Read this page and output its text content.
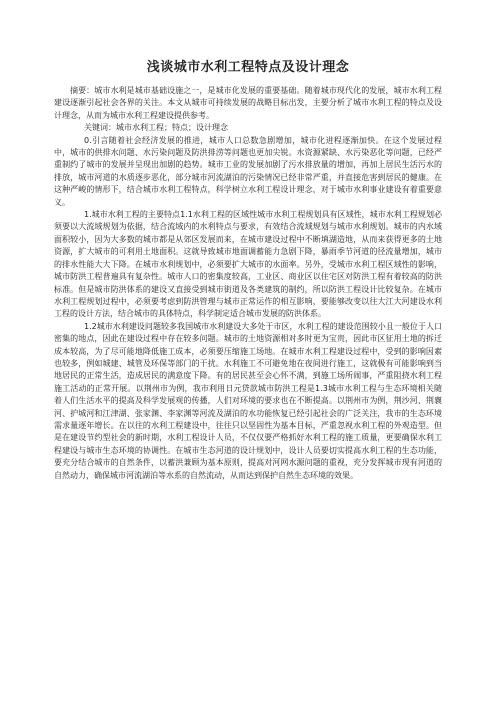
浅谈城市水利工程特点及设计理念

摘要：城市水利是城市基础设施之一，是城市化发展的重要基础。随着城市现代化的发展，城市水利工程建设逐渐引起社会各界的关注。本文从城市可持续发展的战略目标出发，主要分析了城市水利工程的特点及设计理念，从而为城市水利工程建设提供参考。

关键词：城市水利工程；特点；设计理念

0.引言随着社会经济发展的推进，城市人口总数急剧增加，城市化进程逐渐加快。在这个发展过程中，城市的供排水问题、水污染问题及防洪排涝等问题也更加尖锐。水资源紧缺、水污染恶化等问题，已经严重制约了城市的发展并呈现出加剧的趋势。城市工业的发展加剧了污水排放量的增加，再加上居民生活污水的排放，城市河道的水质逐步恶化，部分城市河流湖泊的污染情况已经非常严重，并直接危害到居民的健康。在这种严峻的情形下，结合城市水利工程特点，科学树立水利工程设计理念，对于城市水利事业建设有着重要意义。

1.城市水利工程的主要特点1.1水利工程的区域性城市水利工程规划具有区域性，城市水利工程规划必须要以大流域规划为依据，结合流域内的水利特点与要求，有效结合流域规划与城市水利规划。城市的内水域面积较小，因为大多数的城市都是从郊区发展而来，在城市建设过程中不断填湖造地，从而来获得更多的土地资源，扩大城市的可利用土地面积。这就导致城市地面调蓄能力急剧下降，暴雨季节河道的径流量增加，城市的排水性能大大下降。在城市水利规划中，必须要扩大城市的水面率。另外，受城市水利工程区域性的影响，城市防洪工程普遍具有复杂性。城市人口的密集度较高，工业区、商业区以住宅区对防洪工程有着较高的防洪标准。但是城市防洪体系的建设又直接受到城市街道及各类建筑的制约，所以防洪工程设计比较复杂。在城市水利工程规划过程中，必须要考虑到防洪管理与城市正常运作的相互影响，要能够改变以往大江大河建设水利工程的设计方法，结合城市的具体特点，科学制定适合城市发展的防洪体系。

1.2城市水利建设问题较多我国城市水利建设大多处于市区，水利工程的建设范围较小且一般位于人口密集的地点，因此在建设过程中存在较多问题。城市的土地资源相对多时更为宝贵，因此市区征用土地的拆迁成本较高，为了尽可能地降低施工成本，必须要压缩施工场地。在城市水利工程建设过程中，受到的影响因素也较多，例如城建、城管及环保等部门的干扰。水利施工不可避免地在夜间进行施工，这就极有可能影响到当地居民的正常生活，造成居民的满意度下降。有的居民甚至会心怀不满，到施工场所闹事，严重阻挠水利工程施工活动的正常开展。以荆州市为例，我市利用日元贷款城市防洪工程是1.3城市水利工程与生态环境相关随着人们生活水平的提高及科学发展观的传播，人们对环境的要求也在不断提高。以荆州市为例，荆沙河、荆襄河、护城河和江津湖、张家渊、李家渊等河流及湖泊的水功能恢复已经引起社会的广泛关注，我市的生态环境需求量逐年增长。在以往的水利工程建设中，往往只以坚固性为基本目标，严重忽视水利工程的外观造型。但是在建设节约型社会的新时期，水利工程设计人员，不仅仅要严格抓好水利工程的施工质量，更要确保水利工程建设与城市生态环境的协调性。在城市生态河道的设计规划中，设计人员要切实提高水利工程的生态功能，要充分结合城市的自然条件，以蓄洪兼顾为基本原则，提高对河网水源问题的重视，充分发挥城市现有河道的自然动力，确保城市河流湖泊等水系的自然流动，从而达到保护自然生态环境的效果。
